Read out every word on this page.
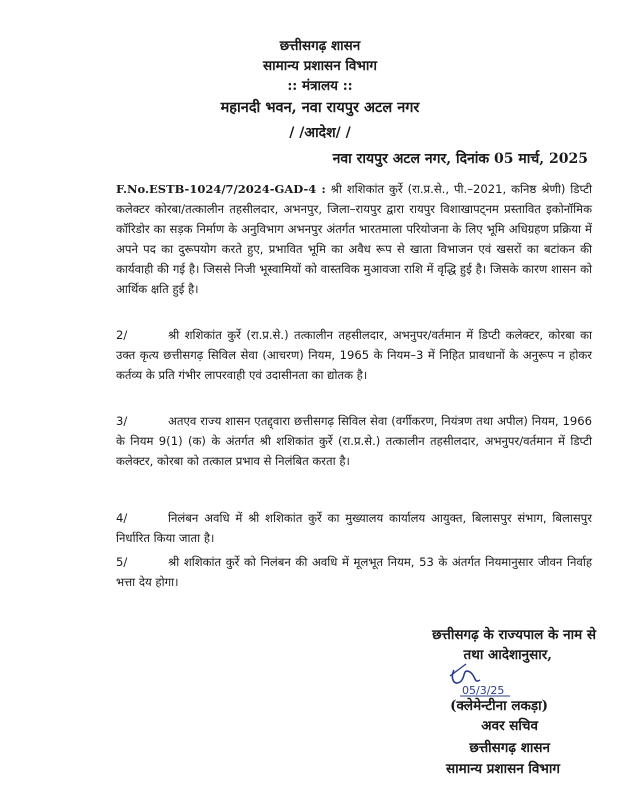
छत्तीसगढ़ शासन
सामान्य प्रशासन विभाग
:: मंत्रालय ::
महानदी भवन, नवा रायपुर अटल नगर
/ /आदेश/ /
नवा रायपुर अटल नगर, दिनांक 05 मार्च, 2025
F.No.ESTB-1024/7/2024-GAD-4 : श्री शशिकांत कुर्रे (रा.प्र.से., पी.–2021, कनिष्ठ श्रेणी) डिप्टी कलेक्टर कोरबा/तत्कालीन तहसीलदार, अभनपुर, जिला–रायपुर द्वारा रायपुर विशाखापट्नम प्रस्तावित इकोनॉमिक कॉरिडोर का सड़क निर्माण के अनुविभाग अभनपुर अंतर्गत भारतमाला परियोजना के लिए भूमि अधिग्रहण प्रक्रिया में अपने पद का दुरूपयोग करते हुए, प्रभावित भूमि का अवैध रूप से खाता विभाजन एवं खसरों का बटांकन की कार्यवाही की गई है। जिससे निजी भूस्वामियों को वास्तविक मुआवजा राशि में वृद्धि हुई है। जिसके कारण शासन को आर्थिक क्षति हुई है।
2/	श्री शशिकांत कुर्रे (रा.प्र.से.) तत्कालीन तहसीलदार, अभनुपर/वर्तमान में डिप्टी कलेक्टर, कोरबा का उक्त कृत्य छत्तीसगढ़ सिविल सेवा (आचरण) नियम, 1965 के नियम–3 में निहित प्रावधानों के अनुरूप न होकर कर्तव्य के प्रति गंभीर लापरवाही एवं उदासीनता का द्योतक है।
3/	अतएव राज्य शासन एतद्द्वारा छत्तीसगढ़ सिविल सेवा (वर्गीकरण, नियंत्रण तथा अपील) नियम, 1966 के नियम 9(1) (क) के अंतर्गत श्री शशिकांत कुर्रे (रा.प्र.से.) तत्कालीन तहसीलदार, अभनुपर/वर्तमान में डिप्टी कलेक्टर, कोरबा को तत्काल प्रभाव से निलंबित करता है।
4/	निलंबन अवधि में श्री शशिकांत कुर्रे का मुख्यालय कार्यालय आयुक्त, बिलासपुर संभाग, बिलासपुर निर्धारित किया जाता है।
5/	श्री शशिकांत कुर्रे को निलंबन की अवधि में मूलभूत नियम, 53 के अंतर्गत नियमानुसार जीवन निर्वाह भत्ता देय होगा।
छत्तीसगढ़ के राज्यपाल के नाम से
तथा आदेशानुसार,
05/3/25
(क्लेमेन्टीना लकड़ा)
अवर सचिव
छत्तीसगढ़ शासन
सामान्य प्रशासन विभाग
